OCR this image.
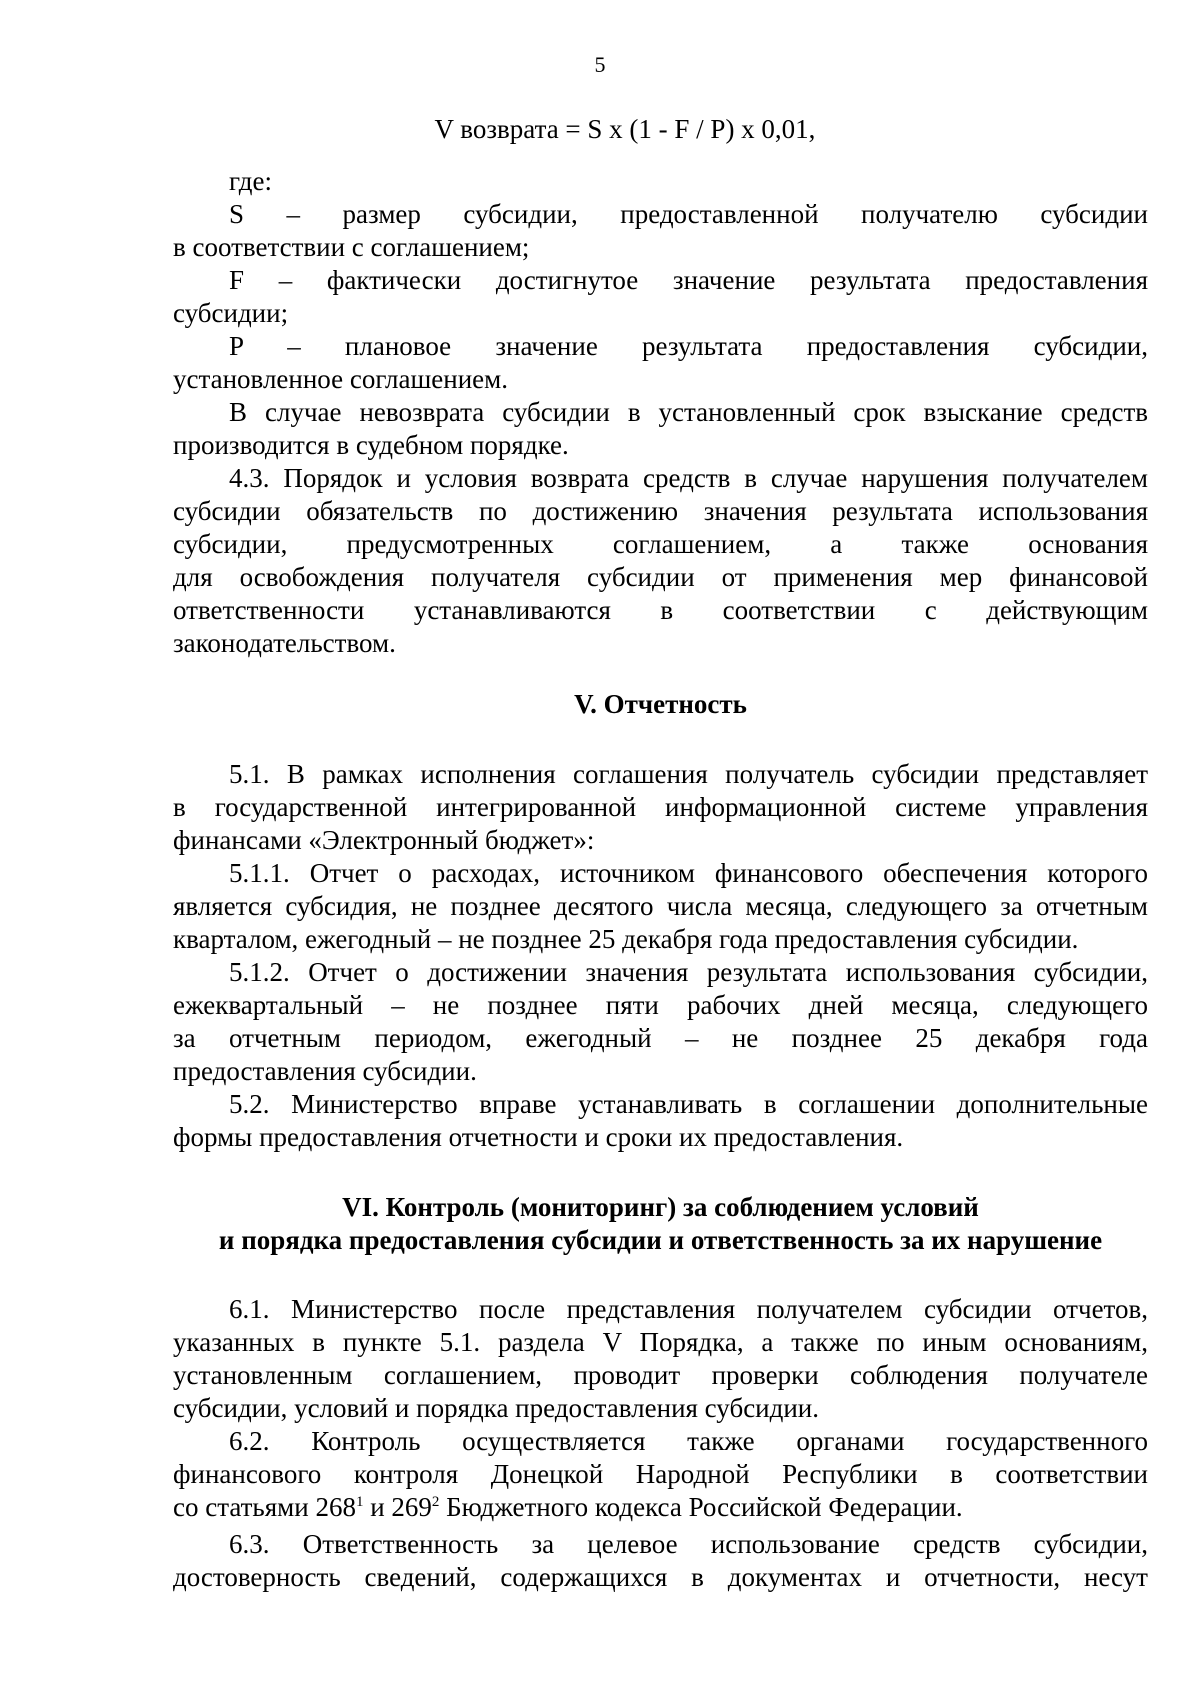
5
V возврата = S x (1 - F / P) x 0,01,
где:
S – размер субсидии, предоставленной получателю субсидии
в соответствии с соглашением;
F – фактически достигнутое значение результата предоставления
субсидии;
P – плановое значение результата предоставления субсидии,
установленное соглашением.
В случае невозврата субсидии в установленный срок взыскание средств
производится в судебном порядке.
4.3. Порядок и условия возврата средств в случае нарушения получателем
субсидии обязательств по достижению значения результата использования
субсидии, предусмотренных соглашением, а также основания
для освобождения получателя субсидии от применения мер финансовой
ответственности устанавливаются в соответствии с действующим
законодательством.
V. Отчетность
5.1. В рамках исполнения соглашения получатель субсидии представляет
в государственной интегрированной информационной системе управления
финансами «Электронный бюджет»:
5.1.1. Отчет о расходах, источником финансового обеспечения которого
является субсидия, не позднее десятого числа месяца, следующего за отчетным
кварталом, ежегодный – не позднее 25 декабря года предоставления субсидии.
5.1.2. Отчет о достижении значения результата использования субсидии,
ежеквартальный – не позднее пяти рабочих дней месяца, следующего
за отчетным периодом, ежегодный – не позднее 25 декабря года
предоставления субсидии.
5.2. Министерство вправе устанавливать в соглашении дополнительные
формы предоставления отчетности и сроки их предоставления.
VI. Контроль (мониторинг) за соблюдением условий
и порядка предоставления субсидии и ответственность за их нарушение
6.1. Министерство после представления получателем субсидии отчетов,
указанных в пункте 5.1. раздела V Порядка, а также по иным основаниям,
установленным соглашением, проводит проверки соблюдения получателе
субсидии, условий и порядка предоставления субсидии.
6.2. Контроль осуществляется также органами государственного
финансового контроля Донецкой Народной Республики в соответствии
со статьями $268^1$ и $269^2$ Бюджетного кодекса Российской Федерации.
6.3. Ответственность за целевое использование средств субсидии,
достоверность сведений, содержащихся в документах и отчетности, несут
